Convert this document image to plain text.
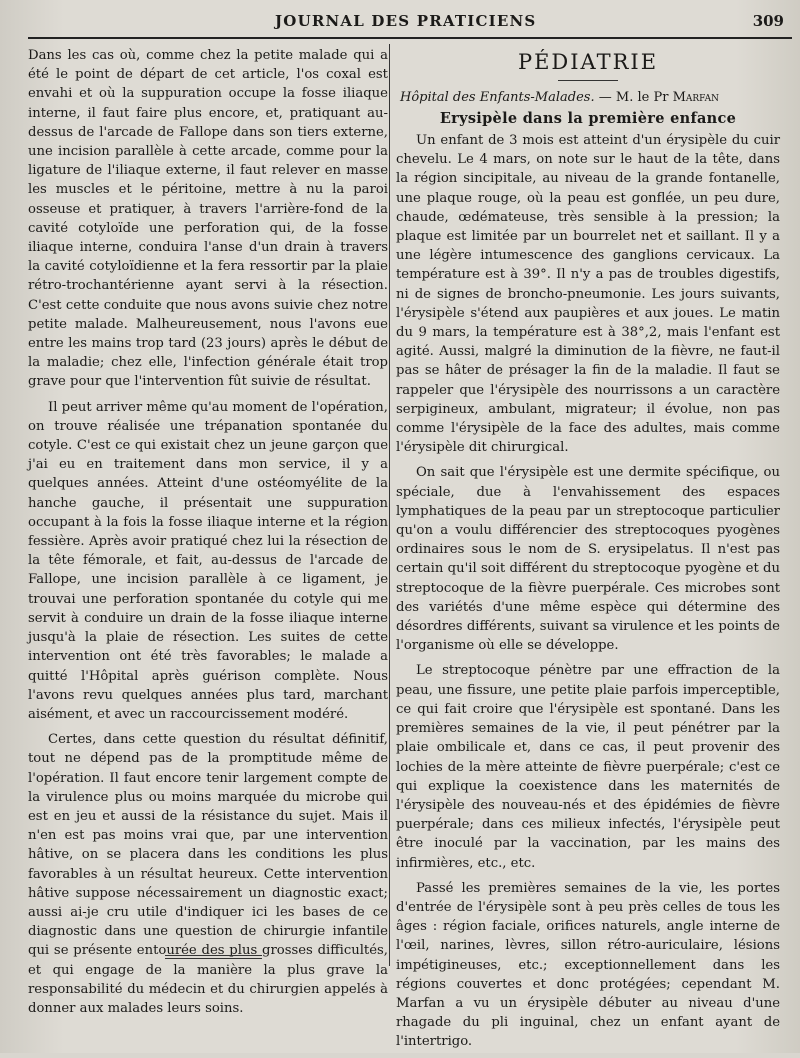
JOURNAL DES PRATICIENS	309

Dans les cas où, comme chez la petite malade qui a été le point de départ de cet article, l'os coxal est envahi et où la suppuration occupe la fosse iliaque interne, il faut faire plus encore, et, pratiquant au-dessus de l'arcade de Fallope dans son tiers externe, une incision parallèle à cette arcade, comme pour la ligature de l'iliaque externe, il faut relever en masse les muscles et le péritoine, mettre à nu la paroi osseuse et pratiquer, à travers l'arrière-fond de la cavité cotyloïde une perforation qui, de la fosse iliaque interne, conduira l'anse d'un drain à travers la cavité cotyloïdienne et la fera ressortir par la plaie rétro-trochantérienne ayant servi à la résection. C'est cette conduite que nous avons suivie chez notre petite malade. Malheureusement, nous l'avons eue entre les mains trop tard (23 jours) après le début de la maladie; chez elle, l'infection générale était trop grave pour que l'intervention fût suivie de résultat.

Il peut arriver même qu'au moment de l'opération, on trouve réalisée une trépanation spontanée du cotyle. C'est ce qui existait chez un jeune garçon que j'ai eu en traitement dans mon service, il y a quelques années. Atteint d'une ostéomyélite de la hanche gauche, il présentait une suppuration occupant à la fois la fosse iliaque interne et la région fessière. Après avoir pratiqué chez lui la résection de la tête fémorale, et fait, au-dessus de l'arcade de Fallope, une incision parallèle à ce ligament, je trouvai une perforation spontanée du cotyle qui me servit à conduire un drain de la fosse iliaque interne jusqu'à la plaie de résection. Les suites de cette intervention ont été très favorables; le malade a quitté l'Hôpital après guérison complète. Nous l'avons revu quelques années plus tard, marchant aisément, et avec un raccourcissement modéré.

Certes, dans cette question du résultat définitif, tout ne dépend pas de la promptitude même de l'opération. Il faut encore tenir largement compte de la virulence plus ou moins marquée du microbe qui est en jeu et aussi de la résistance du sujet. Mais il n'en est pas moins vrai que, par une intervention hâtive, on se placera dans les conditions les plus favorables à un résultat heureux. Cette intervention hâtive suppose nécessairement un diagnostic exact; aussi ai-je cru utile d'indiquer ici les bases de ce diagnostic dans une question de chirurgie infantile qui se présente entourée des plus grosses difficultés, et qui engage de la manière la plus grave la responsabilité du médecin et du chirurgien appelés à donner aux malades leurs soins.

PÉDIATRIE
Hôpital des Enfants-Malades. — M. le Pr Marfan
Erysipèle dans la première enfance

Un enfant de 3 mois est atteint d'un érysipèle du cuir chevelu. Le 4 mars, on note sur le haut de la tête, dans la région sincipitale, au niveau de la grande fontanelle, une plaque rouge, où la peau est gonflée, un peu dure, chaude, œdémateuse, très sensible à la pression; la plaque est limitée par un bourrelet net et saillant. Il y a une légère intumescence des ganglions cervicaux. La température est à 39°. Il n'y a pas de troubles digestifs, ni de signes de broncho-pneumonie. Les jours suivants, l'érysipèle s'étend aux paupières et aux joues. Le matin du 9 mars, la température est à 38°,2, mais l'enfant est agité. Aussi, malgré la diminution de la fièvre, ne faut-il pas se hâter de présager la fin de la maladie. Il faut se rappeler que l'érysipèle des nourrissons a un caractère serpigineux, ambulant, migrateur; il évolue, non pas comme l'érysipèle de la face des adultes, mais comme l'érysipèle dit chirurgical.

On sait que l'érysipèle est une dermite spécifique, ou spéciale, due à l'envahissement des espaces lymphatiques de la peau par un streptocoque particulier qu'on a voulu différencier des streptocoques pyogènes ordinaires sous le nom de S. erysipelatus. Il n'est pas certain qu'il soit différent du streptocoque pyogène et du streptocoque de la fièvre puerpérale. Ces microbes sont des variétés d'une même espèce qui détermine des désordres différents, suivant sa virulence et les points de l'organisme où elle se développe.

Le streptocoque pénètre par une effraction de la peau, une fissure, une petite plaie parfois imperceptible, ce qui fait croire que l'érysipèle est spontané. Dans les premières semaines de la vie, il peut pénétrer par la plaie ombilicale et, dans ce cas, il peut provenir des lochies de la mère atteinte de fièvre puerpérale; c'est ce qui explique la coexistence dans les maternités de l'érysipèle des nouveau-nés et des épidémies de fièvre puerpérale; dans ces milieux infectés, l'érysipèle peut être inoculé par la vaccination, par les mains des infirmières, etc., etc.

Passé les premières semaines de la vie, les portes d'entrée de l'érysipèle sont à peu près celles de tous les âges : région faciale, orifices naturels, angle interne de l'œil, narines, lèvres, sillon rétro-auriculaire, lésions impétigineuses, etc.; exceptionnellement dans les régions couvertes et donc protégées; cependant M. Marfan a vu un érysipèle débuter au niveau d'une rhagade du pli inguinal, chez un enfant ayant de l'intertrigo.
